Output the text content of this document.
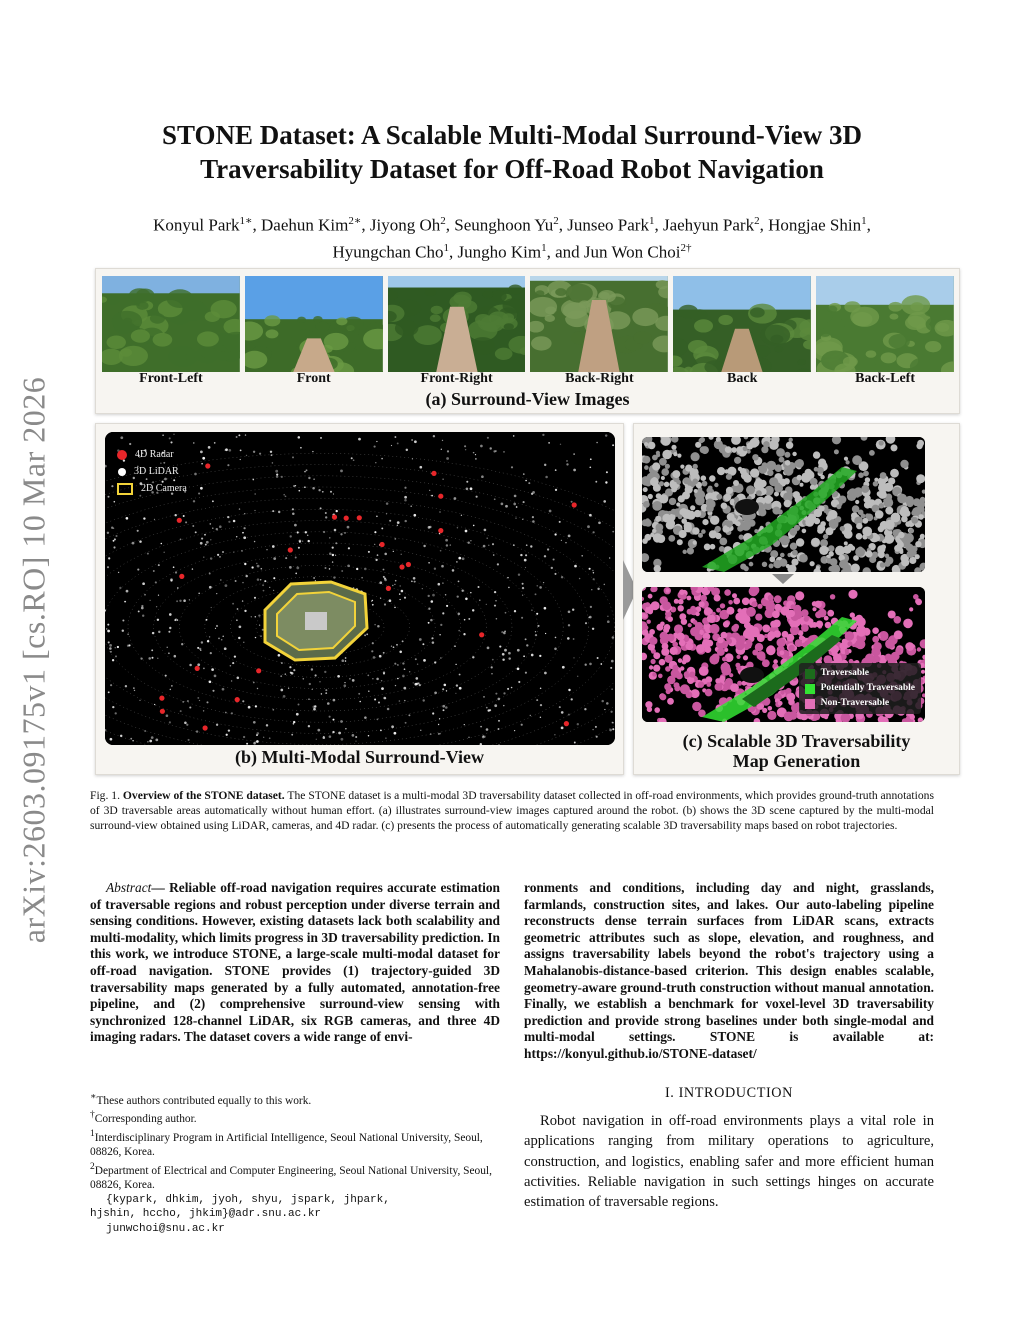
arXiv:2603.09175v1 [cs.RO] 10 Mar 2026
STONE Dataset: A Scalable Multi-Modal Surround-View 3D
Traversability Dataset for Off-Road Robot Navigation
Konyul Park$^{1∗}$, Daehun Kim$^{2∗}$, Jiyong Oh$^2$, Seunghoon Yu$^2$, Junseo Park$^1$, Jaehyun Park$^2$, Hongjae Shin$^1$,
Hyungchan Cho$^1$, Jungho Kim$^1$, and Jun Won Choi$^{2\dagger}$
Front-Left	Front	Front-Right	Back-Right	Back	Back-Left
(a) Surround-View Images
4D Radar
3D LiDAR
2D Camera
(b) Multi-Modal Surround-View
Traversable
Potentially Traversable
Non-Traversable
(c) Scalable 3D Traversability
Map Generation
Fig. 1. Overview of the STONE dataset. The STONE dataset is a multi-modal 3D traversability dataset collected in off-road environments, which provides ground-truth annotations of 3D traversable areas automatically without human effort. (a) illustrates surround-view images captured around the robot. (b) shows the 3D scene captured by the multi-modal surround-view obtained using LiDAR, cameras, and 4D radar. (c) presents the process of automatically generating scalable 3D traversability maps based on robot trajectories.

Abstract— Reliable off-road navigation requires accurate estimation of traversable regions and robust perception under diverse terrain and sensing conditions. However, existing datasets lack both scalability and multi-modality, which limits progress in 3D traversability prediction. In this work, we introduce STONE, a large-scale multi-modal dataset for off-road navigation. STONE provides (1) trajectory-guided 3D traversability maps generated by a fully automated, annotation-free pipeline, and (2) comprehensive surround-view sensing with synchronized 128-channel LiDAR, six RGB cameras, and three 4D imaging radars. The dataset covers a wide range of envi-

∗These authors contributed equally to this work.
†Corresponding author.
$^1$Interdisciplinary Program in Artificial Intelligence, Seoul National University, Seoul, 08826, Korea.
$^2$Department of Electrical and Computer Engineering, Seoul National University, Seoul, 08826, Korea.
{kypark, dhkim, jyoh, shyu, jspark, jhpark,
hjshin, hccho, jhkim}@adr.snu.ac.kr
junwchoi@snu.ac.kr

ronments and conditions, including day and night, grasslands, farmlands, construction sites, and lakes. Our auto-labeling pipeline reconstructs dense terrain surfaces from LiDAR scans, extracts geometric attributes such as slope, elevation, and roughness, and assigns traversability labels beyond the robot's trajectory using a Mahalanobis-distance-based criterion. This design enables scalable, geometry-aware ground-truth construction without manual annotation. Finally, we establish a benchmark for voxel-level 3D traversability prediction and provide strong baselines under both single-modal and multi-modal settings. STONE is available at: https://konyul.github.io/STONE-dataset/

I. INTRODUCTION

Robot navigation in off-road environments plays a vital role in applications ranging from military operations to agriculture, construction, and logistics, enabling safer and more efficient human activities. Reliable navigation in such settings hinges on accurate estimation of traversable regions.
